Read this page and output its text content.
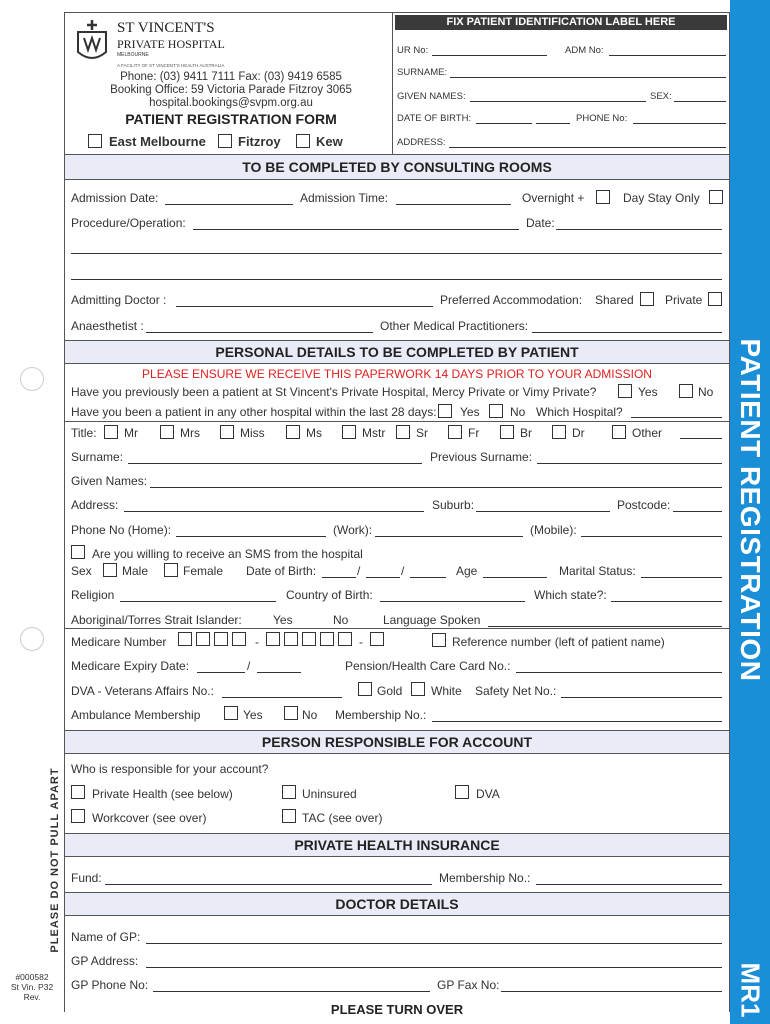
PATIENT REGISTRATION
MR1
PLEASE DO NOT PULL APART
#000582
St Vin. P32
Rev.
ST VINCENT'S
PRIVATE HOSPITAL
MELBOURNE
A FACILITY OF ST VINCENT'S HEALTH AUSTRALIA
Phone: (03) 9411 7111 Fax: (03) 9419 6585
Booking Office: 59 Victoria Parade Fitzroy 3065
hospital.bookings@svpm.org.au
PATIENT REGISTRATION FORM
East Melbourne Fitzroy	Kew
FIX PATIENT IDENTIFICATION LABEL HERE
UR No:	ADM No:
SURNAME:
GIVEN NAMES:	SEX:
DATE OF BIRTH:	PHONE No:
ADDRESS:
TO BE COMPLETED BY CONSULTING ROOMS
Admission Date:	Admission Time:	Overnight +	Day Stay Only
Procedure/Operation:	Date:
Admitting Doctor :	Preferred Accommodation: Shared	Private
Anaesthetist :	Other Medical Practitioners:
PERSONAL DETAILS TO BE COMPLETED BY PATIENT
PLEASE ENSURE WE RECEIVE THIS PAPERWORK 14 DAYS PRIOR TO YOUR ADMISSION
Have you previously been a patient at St Vincent's Private Hospital, Mercy Private or Vimy Private?	Yes	No
Have you been a patient in any other hospital within the last 28 days: Yes	No Which Hospital?
Title: Mr	Mrs	Miss	Ms	Mstr	Sr	Fr	Br	Dr	Other
Surname:	Previous Surname:
Given Names:
Address:	Suburb:	Postcode:
Phone No (Home):	(Work):	(Mobile):
Are you willing to receive an SMS from the hospital
Sex	Male	Female Date of Birth:	/	/	Age	Marital Status:
Religion	Country of Birth:	Which state?:
Aboriginal/Torres Strait Islander:	Yes	No	Language Spoken
Medicare Number	-	-	Reference number (left of patient name)
Medicare Expiry Date:	/	Pension/Health Care Card No.:
DVA - Veterans Affairs No.:	Gold White Safety Net No.:
Ambulance Membership	Yes	No Membership No.:
PERSON RESPONSIBLE FOR ACCOUNT
Who is responsible for your account?
Private Health (see below)	Uninsured	DVA
Workcover (see over)	TAC (see over)
PRIVATE HEALTH INSURANCE
Fund:	Membership No.:
DOCTOR DETAILS
Name of GP:
GP Address:
GP Phone No:	GP Fax No:
PLEASE TURN OVER
